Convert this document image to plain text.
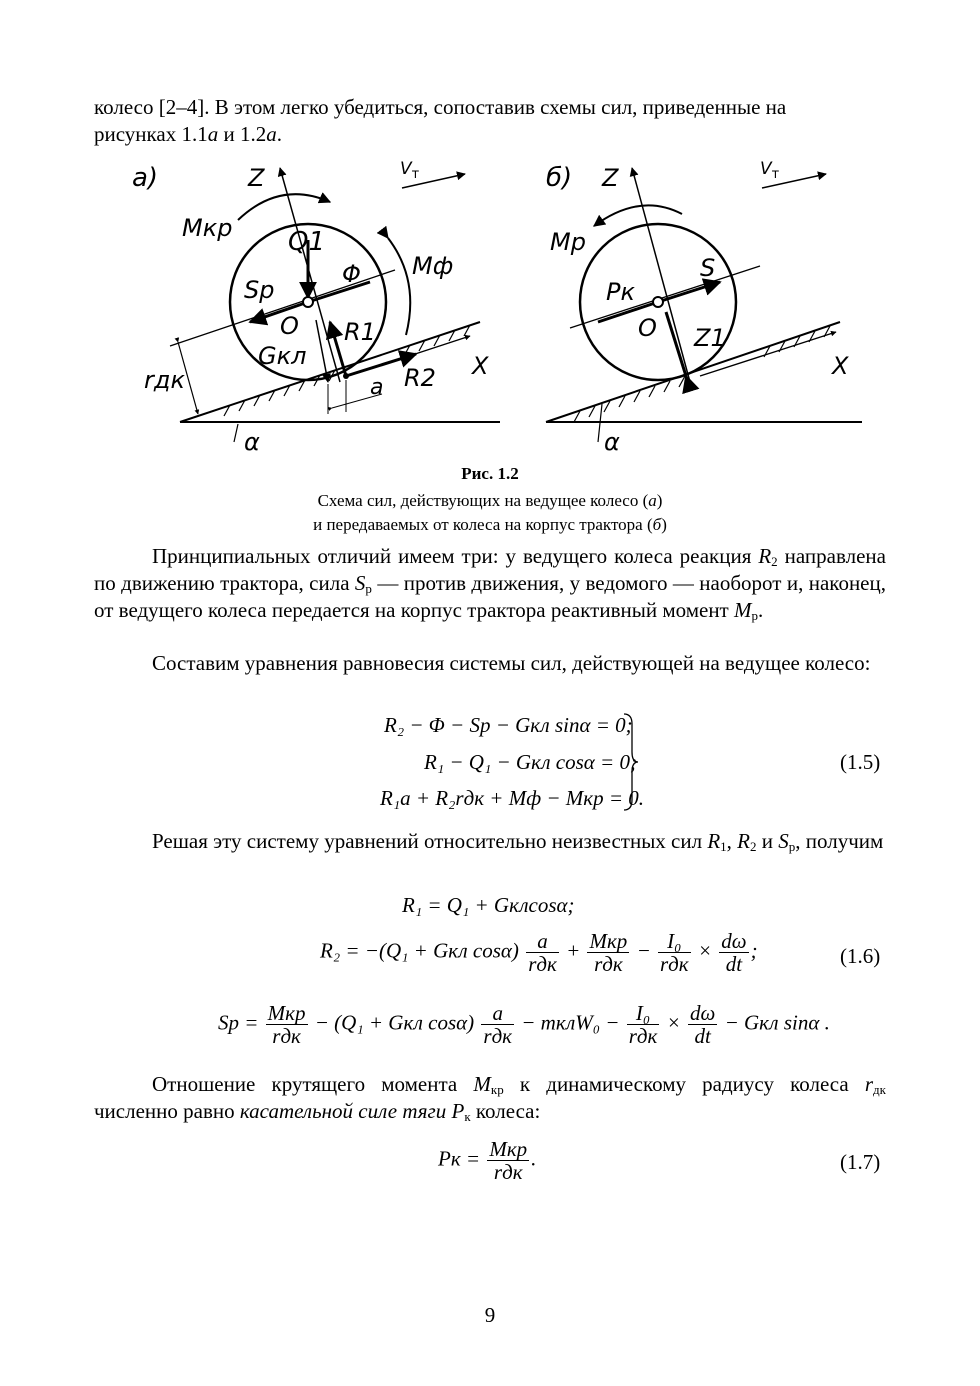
колесо [2–4]. В этом легко убедиться, сопоставив схемы сил, приведенные на
рисунках 1.1а и 1.2а.
а)
X
Z	$V_т$
Mкр Q1
Mф
Sp
Φ
O
Gкл
R1
R2
a
rдк
α
б)
X
Z	$V_т$
Mp
S
Pк
O Z1
α
Рис. 1.2
Схема сил, действующих на ведущее колесо (а)
и передаваемых от колеса на корпус трактора (б)
Принципиальных отличий имеем три: у ведущего колеса реакция $R_2$ направлена по движению трактора, сила $S_р$ — против движения, у ведомого — наоборот и, наконец, от ведущего колеса передается на корпус трактора реактивный момент $M_р$.
Составим уравнения равновесия системы сил, действующей на ведущее колесо:
R₂ − Φ − Sр − Gкл sinα = 0;
R₁ − Q₁ − Gкл cosα = 0;
R₁a + R₂rдк + Mф − Mкр = 0.
(1.5)
Решая эту систему уравнений относительно неизвестных сил $R_1$, $R_2$ и $S_р$, получим
R₁ = Q₁ + Gклcosα;
R₂ = −(Q₁ + Gкл $\cos\alpha) \frac{a}{\text{rдк}} + \frac{\text{Mкр}}{\text{rдк}} - \frac{\text{I₀}}{\text{rдк}} \times \frac{d\omega}{dt}$ ;	(1.6)
Sр = $\frac{\text{Mкр}}{\text{rдк}} - (Q_1$ + Gкл $\cos\alpha) \frac{a}{\text{rдк}}$ − mклW₀ − $\frac{\text{I₀}}{\text{rдк}} \times \frac{d\omega}{dt}$ − Gкл sinα .
Отношение крутящего момента $M_{кр}$ к динамическому радиусу колеса $r_{дк}$ численно равно касательной силе тяги $P_к$ колеса:
Pк = $\frac{\text{Mкр}}{\text{rдк}}$ .	(1.7)
9
